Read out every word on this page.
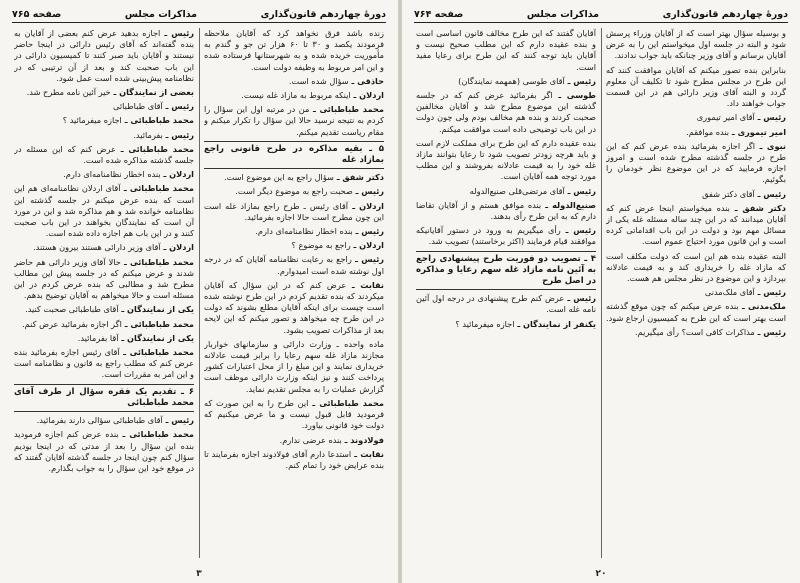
دورۀ چهاردهم قانون‌گذاری
مذاکرات مجلس
صفحه ۷۶۵

زنده باشد فرق نخواهد کرد که آقایان ملاحظه فرمودند یکصد و ۳۰ تا ۶۰ هزار تن جو و گندم به مأموریت خریده شده و به شهرستانها فرستاده شده و این امر مربوط به وظیفه دولت است.

حاذقی ـ سؤال شده است.

اردلان ـ اینکه مربوط به مازاد غله نیست.

محمد طباطبائی ـ من در مرتبه اول این سؤال را کردم به نتیجه نرسید حالا این سؤال را تکرار میکنم و مقام ریاست تقدیم میکنم.

۵ ـ بقیه مذاکره در طرح قانونی راجع بمازاد غله

دکتر شفق ـ سؤال راجع به این موضوع است.

رئیس ـ صحبت راجع به موضوع دیگر است.

اردلان ـ آقای رئیس ـ طرح راجع بمازاد غله است این چون مطرح است حالا اجازه بفرمائید.

رئیس ـ بنده اخطار نظامنامه‌ای دارم.

اردلان ـ راجع به موضوع ؟

رئیس ـ راجع به رعایت نظامنامه آقایان که در درجه اول نوشته شده است امیدوارم.

نقابت ـ عرض کنم که در این سؤال که آقایان میکردند که بنده تقدیم کردم در این طرح نوشته شده است چیست برای اینکه آقایان مطلع بشوند که دولت در این طرح چه میخواهد و تصور میکنم که این لایحه بعد از مذاکرات تصویب بشود.

ماده واحده ـ وزارت دارائی و سازمانهای خواربار مجازند مازاد غله سهم رعایا را برابر قیمت عادلانه خریداری نمایند و این مبلغ را از محل اعتبارات کشور پرداخت کنند و نیز اینکه وزارت دارائی موظف است گزارش عملیات را به مجلس تقدیم نماید.

محمد طباطبائی ـ این طرح را به این صورت که فرمودید قابل قبول نیست و ما عرض میکنیم که دولت خود قانونی بیاورد.

فولادوند ـ بنده عرضی ندارم.

نقابت ـ استدعا دارم آقای فولادوند اجازه بفرمایند تا بنده عرایض خود را تمام کنم.

رئیس ـ اجازه بدهید عرض کنم بعضی از آقایان به بنده گفته‌اند که آقای رئیس دارائی در اینجا حاضر نیستند و آقایان باید صبر کنند تا کمیسیون دارائی در این باب صحبت کند و بعد از آن ترتیبی که در نظامنامه پیش‌بینی شده است عمل شود.

بعضی از نمایندگان ـ خیر آئین نامه مطرح شد.

رئیس ـ آقای طباطبائی

محمد طباطبائی ـ اجازه میفرمائید ؟

رئیس ـ بفرمائید.

محمد طباطبائی ـ عرض کنم که این مسئله در جلسه گذشته مذاکره شده است.

اردلان ـ بنده اخطار نظامنامه‌ای دارم.

محمد طباطبائی ـ آقای اردلان نظامنامه‌ای هم این است که بنده عرض میکنم در جلسه گذشته این نظامنامه خوانده شد و هم مذاکره شد و این در مورد آن است که نمایندگان بخواهند در این باب صحبت کنند و در این باب هم اجازه داده شده است.

اردلان ـ آقای وزیر دارائی هستند بیرون هستند.

محمد طباطبائی ـ حالا آقای وزیر دارائی هم حاضر شدند و عرض میکنم که در جلسه پیش این مطالب مطرح شد و مطالبی که بنده عرض کردم در این مسئله است و حالا میخواهم به آقایان توضیح بدهم.

یکی از نمایندگان ـ آقای طباطبائی صحبت کنید.

محمد طباطبائی ـ اگر اجازه بفرمائید عرض کنم.

یکی از نمایندگان ـ آقا بفرمائید.

محمد طباطبائی ـ آقای رئیس اجازه بفرمائید بنده عرض کنم که مطلب راجع به قانون و نظامنامه است و این امر به مقررات است.

۶ ـ تقدیم یک فقره سؤال از طرف آقای محمد طباطبائی

رئیس ـ آقای طباطبائی سؤالی دارند بفرمائید.

محمد طباطبائی ـ بنده عرض کنم اجازه فرمودید بنده این سؤال را بعد از مدتی که در اینجا بودیم سؤال کنم چون اینجا در جلسه گذشته آقایان گفتند که در موقع خود این سؤال را به جواب بگذارم.

۳
دورۀ چهاردهم قانون‌گذاری
مذاکرات مجلس
صفحه ۷۶۴

و بوسیله سؤال بهتر است که از آقایان وزراء پرسش شود و البته در جلسه اول میخواستم این را به عرض آقایان برسانم و آقای وزیر چنانکه باید جواب ندادند.

بنابراین بنده تصور میکنم که آقایان موافقت کنند که این طرح در مجلس مطرح شود تا تکلیف آن معلوم گردد و البته آقای وزیر دارائی هم در این قسمت جواب خواهند داد.

رئیس ـ آقای امیر تیموری

امیر تیموری ـ بنده موافقم.

نبوی ـ اگر اجازه بفرمائید بنده عرض کنم که این طرح در جلسه گذشته مطرح شده است و امروز اجازه فرمایید که در این موضوع نظر خودمان را بگوئیم.

رئیس ـ آقای دکتر شفق

دکتر شفق ـ بنده میخواستم اینجا عرض کنم که آقایان میدانند که در این چند ساله مسئله غله یکی از مسائل مهم بود و دولت در این باب اقداماتی کرده است و این قانون مورد احتیاج عموم است.

البته عقیده بنده هم این است که دولت مکلف است که مازاد غله را خریداری کند و به قیمت عادلانه بپردازد و این موضوع در نظر مجلس هم هست.

رئیس ـ آقای ملک‌مدنی

ملک‌مدنی ـ بنده عرض میکنم که چون موقع گذشته است بهتر است که این طرح به کمیسیون ارجاع شود.

رئیس ـ مذاکرات کافی است؟ رأی میگیریم.

آقایان گفتند که این طرح مخالف قانون اساسی است و بنده عقیده دارم که این مطلب صحیح نیست و آقایان باید توجه کنند که این طرح برای رعایا مفید است.

رئیس ـ آقای طوسی (همهمه نمایندگان)

طوسی ـ اگر بفرمائید عرض کنم که در جلسه گذشته این موضوع مطرح شد و آقایان مخالفین صحبت کردند و بنده هم مخالف بودم ولی چون دولت در این باب توضیحی داده است موافقت میکنم.

بنده عقیده دارم که این طرح برای مملکت لازم است و باید هرچه زودتر تصویب شود تا رعایا بتوانند مازاد غله خود را به قیمت عادلانه بفروشند و این مطلب مورد توجه همه آقایان است.

رئیس ـ آقای مرتضی‌قلی صنیع‌الدوله

صنیع‌الدوله ـ بنده موافق هستم و از آقایان تقاضا دارم که به این طرح رأی بدهند.

رئیس ـ رأی میگیریم به ورود در دستور آقایانیکه موافقند قیام فرمایند (اکثر برخاستند) تصویب شد.

۴ ـ تصویب دو فوریت طرح پیشنهادی راجع به آئین نامه مازاد غله سهم رعایا و مذاکره در اصل طرح

رئیس ـ عرض کنم طرح پیشنهادی در درجه اول آئین نامه غله است.

یکنفر از نمایندگان ـ اجازه میفرمائید ؟

۲۰
